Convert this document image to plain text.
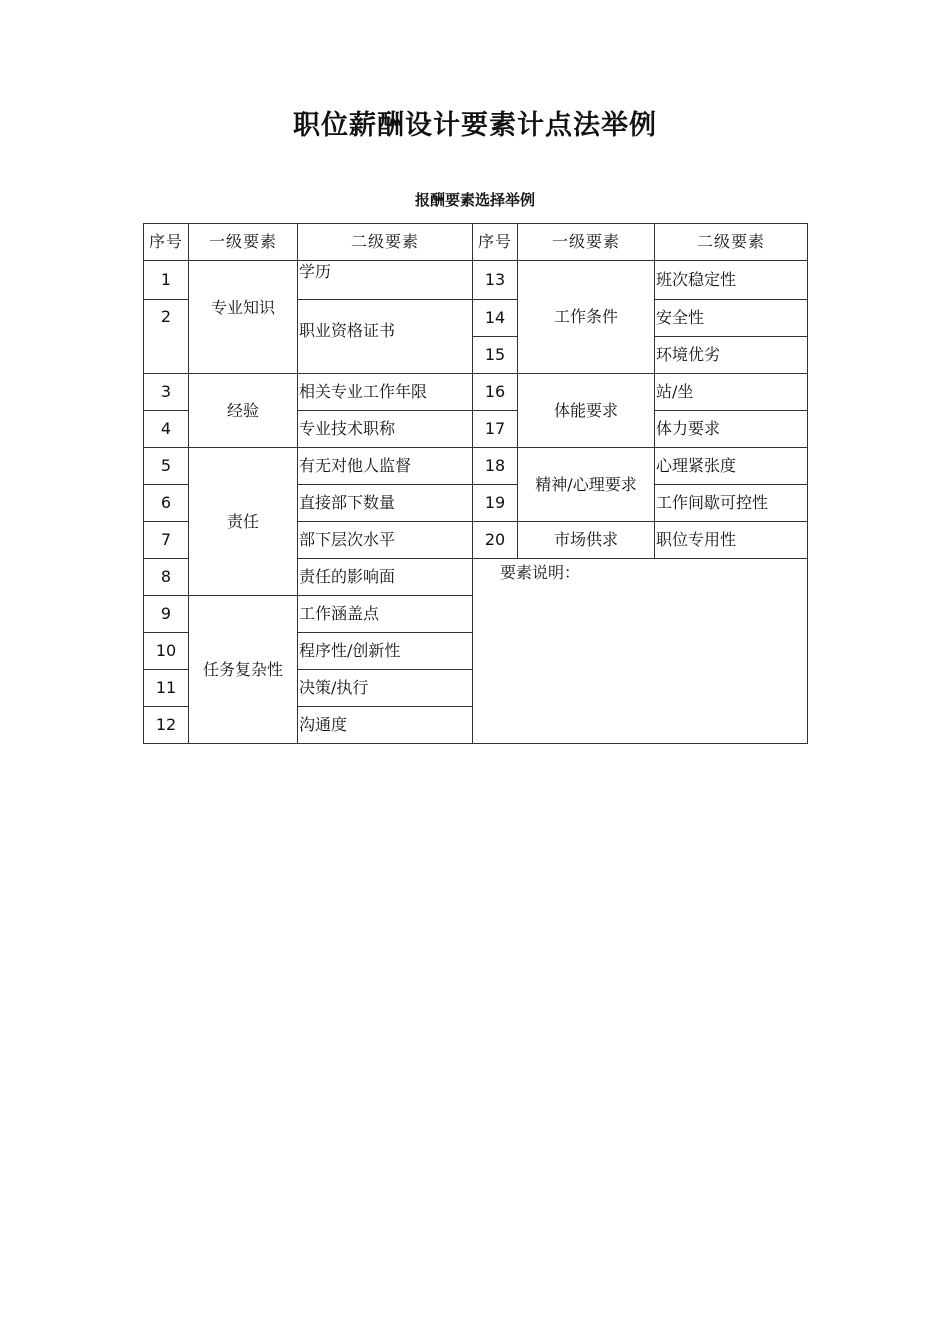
职位薪酬设计要素计点法举例
报酬要素选择举例
序号	一级要素	二级要素	序号	一级要素	二级要素
1	专业知识	学历	13	工作条件	班次稳定性
2		职业资格证书	14		安全性
			15		环境优劣
3	经验	相关专业工作年限	16	体能要求	站/坐
4		专业技术职称	17		体力要求
5	责任	有无对他人监督	18	精神/心理要求	心理紧张度
6		直接部下数量	19		工作间歇可控性
7		部下层次水平	20	市场供求	职位专用性
8		责任的影响面	要素说明：		
9	任务复杂性	工作涵盖点			
10		程序性/创新性			
11		决策/执行			
12		沟通度			
